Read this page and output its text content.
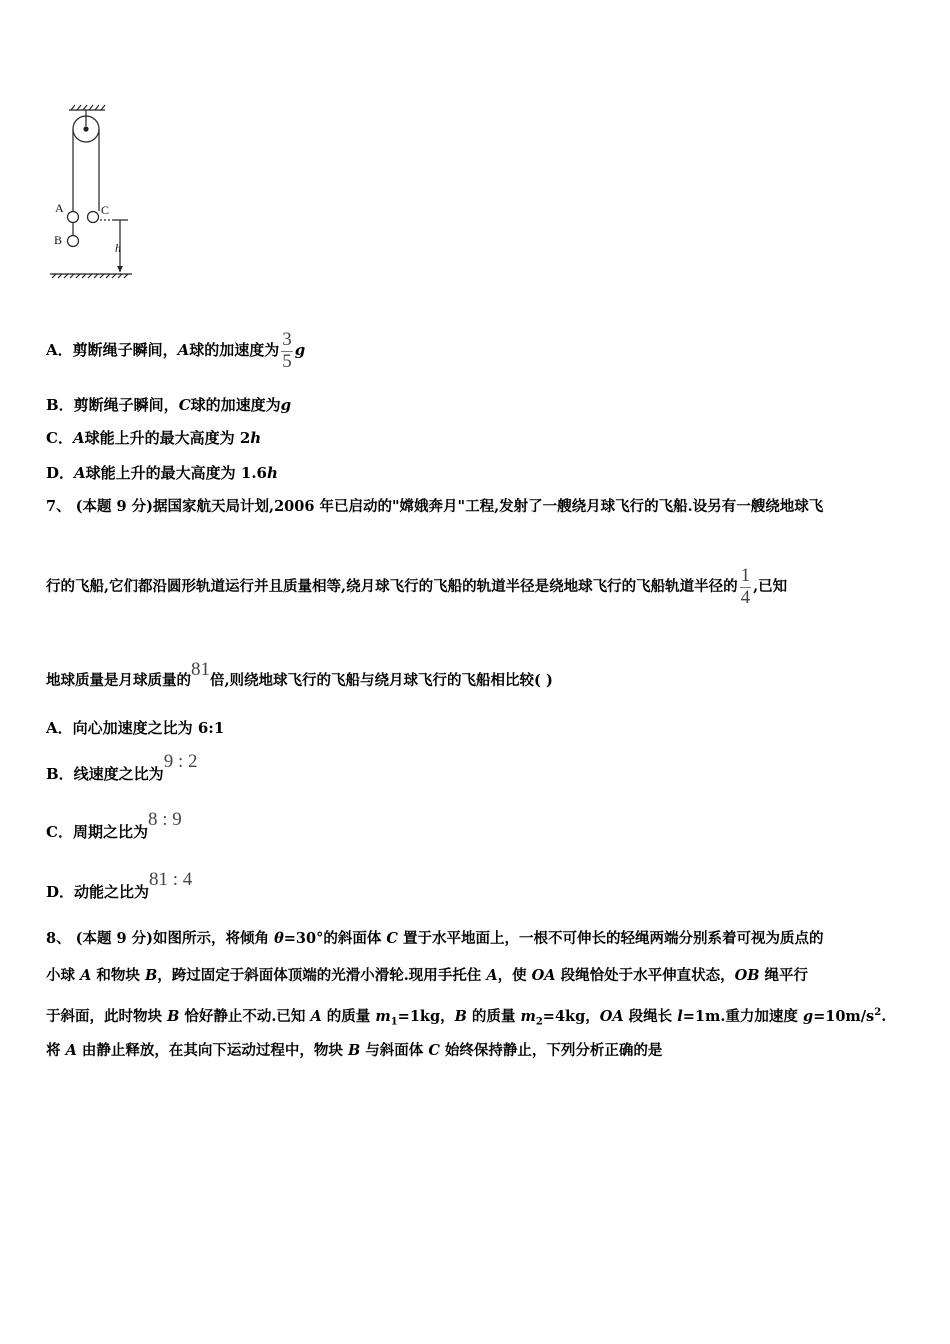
A
B
C
h
A．剪断绳子瞬间，A球的加速度为 $\frac{3}{5}$ g
B．剪断绳子瞬间，C球的加速度为g
C．A球能上升的最大高度为 2h
D．A球能上升的最大高度为 1.6h
7、 (本题 9 分)据国家航天局计划,2006 年已启动的"嫦娥奔月"工程,发射了一艘绕月球飞行的飞船.设另有一艘绕地球飞
行的飞船,它们都沿圆形轨道运行并且质量相等,绕月球飞行的飞船的轨道半径是绕地球飞行的飞船轨道半径的 $\frac{1}{4}$ ,已知
地球质量是月球质量的81倍,则绕地球飞行的飞船与绕月球飞行的飞船相比较( )
A．向心加速度之比为 6:1
B．线速度之比为9 : 2
C．周期之比为8 : 9
D．动能之比为81 : 4
8、 (本题 9 分)如图所示，将倾角 θ=30°的斜面体 C 置于水平地面上，一根不可伸长的轻绳两端分别系着可视为质点的
小球 A 和物块 B，跨过固定于斜面体顶端的光滑小滑轮.现用手托住 A，使 OA 段绳恰处于水平伸直状态，OB 绳平行
于斜面，此时物块 B 恰好静止不动.已知 A 的质量 $m_1=1kg$，B 的质量 $m_2=4kg$，OA 段绳长 l=1m.重力加速度 $g=10m/s^2$.
将 A 由静止释放，在其向下运动过程中，物块 B 与斜面体 C 始终保持静止，下列分析正确的是
